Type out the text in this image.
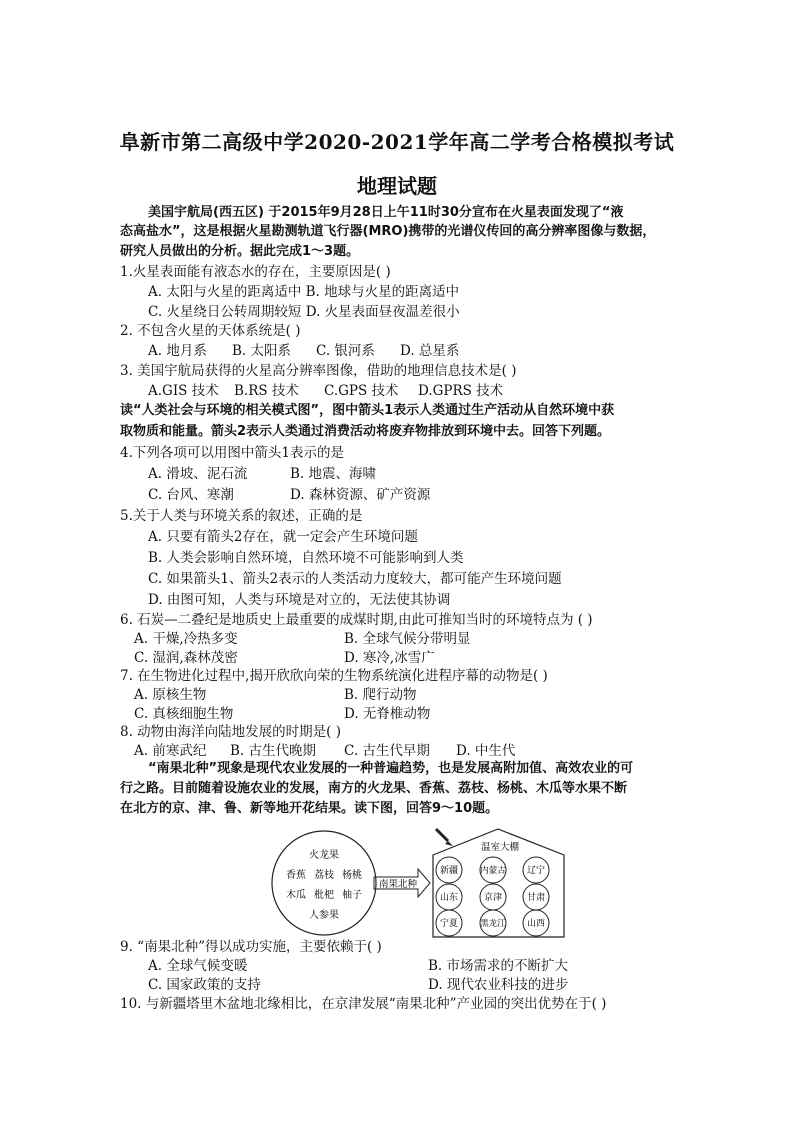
阜新市第二高级中学2020-2021学年高二学考合格模拟考试
地理试题
美国宇航局(西五区) 于2015年9月28日上午11时30分宣布在火星表面发现了“液
态高盐水”，这是根据火星勘测轨道飞行器(MRO)携带的光谱仪传回的高分辨率图像与数据，
研究人员做出的分析。据此完成1～3题。
1.火星表面能有液态水的存在，主要原因是( )
A. 太阳与火星的距离适中 B. 地球与火星的距离适中
C. 火星绕日公转周期较短 D. 火星表面昼夜温差很小
2. 不包含火星的天体系统是( )
A. 地月系 B. 太阳系 C. 银河系 D. 总星系
3. 美国宇航局获得的火星高分辨率图像，借助的地理信息技术是( )
A.GIS 技术 B.RS 技术 C.GPS 技术 D.GPRS 技术
读“人类社会与环境的相关模式图”，图中箭头1表示人类通过生产活动从自然环境中获
取物质和能量。箭头2表示人类通过消费活动将废弃物排放到环境中去。回答下列题。
4.下列各项可以用图中箭头1表示的是
A. 滑坡、泥石流	B. 地震、海啸
C. 台风、寒潮	D. 森林资源、矿产资源
5.关于人类与环境关系的叙述，正确的是
A. 只要有箭头2存在，就一定会产生环境问题
B. 人类会影响自然环境，自然环境不可能影响到人类
C. 如果箭头1、箭头2表示的人类活动力度较大，都可能产生环境问题
D. 由图可知，人类与环境是对立的，无法使其协调
6. 石炭—二叠纪是地质史上最重要的成煤时期,由此可推知当时的环境特点为 ( )
A. 干燥,冷热多变	B. 全球气候分带明显
C. 湿润,森林茂密	D. 寒冷,冰雪广
7. 在生物进化过程中,揭开欣欣向荣的生物系统演化进程序幕的动物是( )
A. 原核生物	B. 爬行动物
C. 真核细胞生物	D. 无脊椎动物
8. 动物由海洋向陆地发展的时期是( )
A. 前寒武纪 B. 古生代晚期 C. 古生代早期 D. 中生代
“南果北种”现象是现代农业发展的一种普遍趋势，也是发展高附加值、高效农业的可
行之路。目前随着设施农业的发展，南方的火龙果、香蕉、荔枝、杨桃、木瓜等水果不断
在北方的京、津、鲁、新等地开花结果。读下图，回答9～10题。
火龙果
香蕉 荔枝 杨桃
木瓜 枇杷 柚子
人参果
南果北种
温室大棚
新疆	内蒙古 辽宁
山东	京津	甘肃
宁夏	黑龙江 山西
9. “南果北种”得以成功实施，主要依赖于( )
A. 全球气候变暖	B. 市场需求的不断扩大
C. 国家政策的支持	D. 现代农业科技的进步
10. 与新疆塔里木盆地北缘相比，在京津发展“南果北种”产业园的突出优势在于( )
